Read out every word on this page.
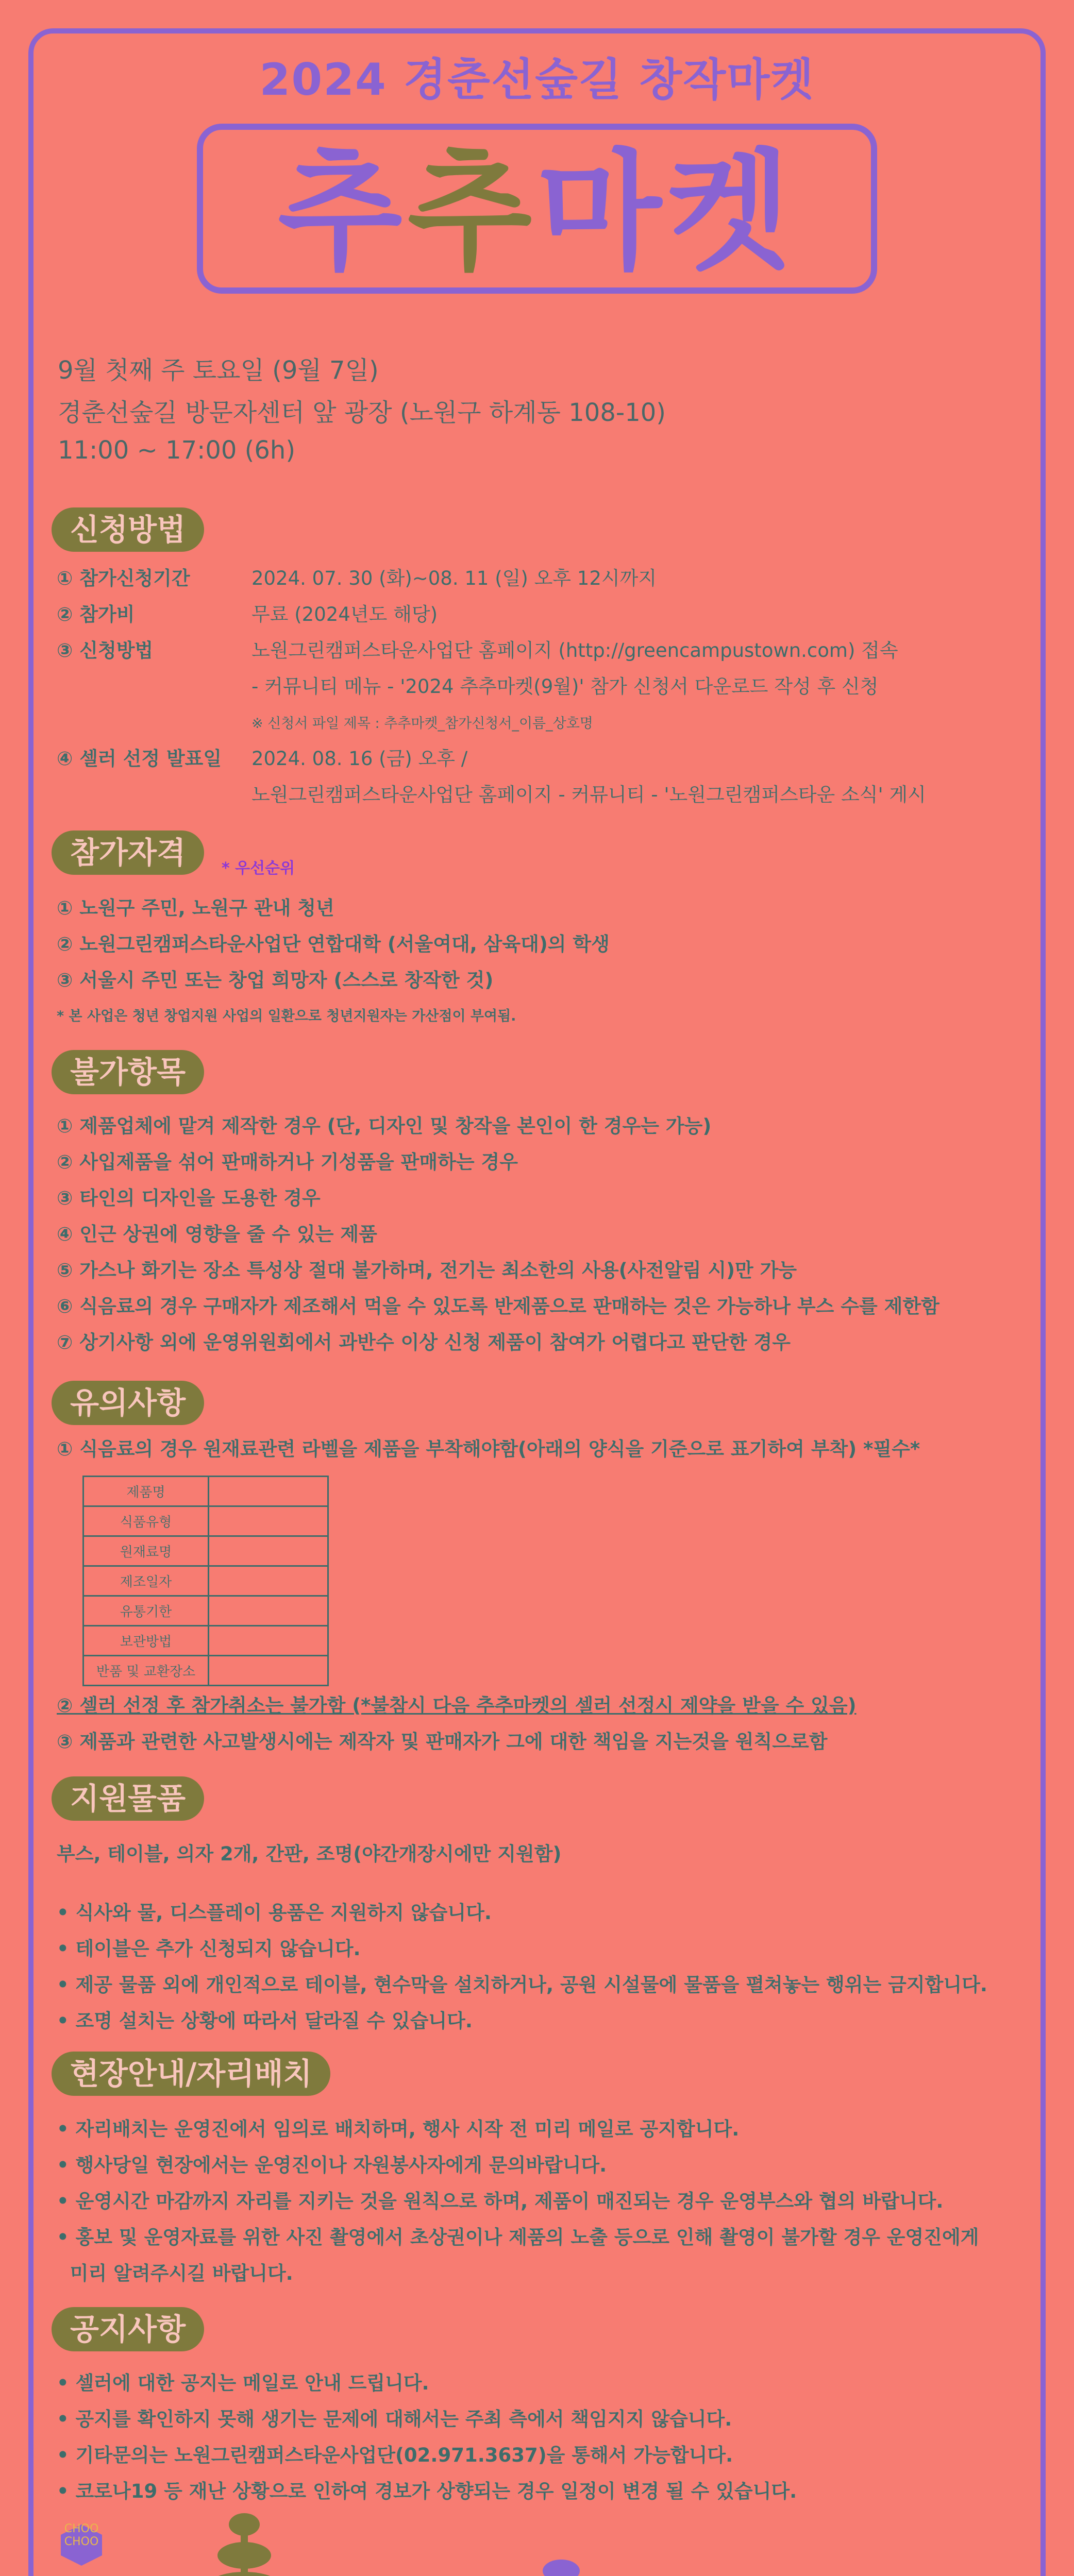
2024 경춘선숲길 창작마켓
추추마켓
9월 첫째 주 토요일 (9월 7일)
경춘선숲길 방문자센터 앞 광장 (노원구 하계동 108-10)
11:00 ~ 17:00 (6h)
신청방법
① 참가신청기간	2024. 07. 30 (화)~08. 11 (일) 오후 12시까지
② 참가비	무료 (2024년도 해당)
③ 신청방법	노원그린캠퍼스타운사업단 홈페이지 (http://greencampustown.com) 접속
- 커뮤니티 메뉴 - '2024 추추마켓(9월)' 참가 신청서 다운로드 작성 후 신청
※ 신청서 파일 제목 : 추추마켓_참가신청서_이름_상호명
④ 셀러 선정 발표일 2024. 08. 16 (금) 오후 /
노원그린캠퍼스타운사업단 홈페이지 - 커뮤니티 - '노원그린캠퍼스타운 소식' 게시
참가자격	* 우선순위
① 노원구 주민, 노원구 관내 청년
② 노원그린캠퍼스타운사업단 연합대학 (서울여대, 삼육대)의 학생
③ 서울시 주민 또는 창업 희망자 (스스로 창작한 것)
* 본 사업은 청년 창업지원 사업의 일환으로 청년지원자는 가산점이 부여됨.
불가항목
① 제품업체에 맡겨 제작한 경우 (단, 디자인 및 창작을 본인이 한 경우는 가능)
② 사입제품을 섞어 판매하거나 기성품을 판매하는 경우
③ 타인의 디자인을 도용한 경우
④ 인근 상권에 영향을 줄 수 있는 제품
⑤ 가스나 화기는 장소 특성상 절대 불가하며, 전기는 최소한의 사용(사전알림 시)만 가능
⑥ 식음료의 경우 구매자가 제조해서 먹을 수 있도록 반제품으로 판매하는 것은 가능하나 부스 수를 제한함
⑦ 상기사항 외에 운영위원회에서 과반수 이상 신청 제품이 참여가 어렵다고 판단한 경우
유의사항
① 식음료의 경우 원재료관련 라벨을 제품을 부착해야함(아래의 양식을 기준으로 표기하여 부착) *필수*
제품명	
식품유형	
원재료명	
제조일자	
유통기한	
보관방법	
반품 및 교환장소	
② 셀러 선정 후 참가취소는 불가함 (*불참시 다음 추추마켓의 셀러 선정시 제약을 받을 수 있음)
③ 제품과 관련한 사고발생시에는 제작자 및 판매자가 그에 대한 책임을 지는것을 원칙으로함
지원물품
부스, 테이블, 의자 2개, 간판, 조명(야간개장시에만 지원함)
• 식사와 물, 디스플레이 용품은 지원하지 않습니다.
• 테이블은 추가 신청되지 않습니다.
• 제공 물품 외에 개인적으로 테이블, 현수막을 설치하거나, 공원 시설물에 물품을 펼쳐놓는 행위는 금지합니다.
• 조명 설치는 상황에 따라서 달라질 수 있습니다.
현장안내/자리배치
• 자리배치는 운영진에서 임의로 배치하며, 행사 시작 전 미리 메일로 공지합니다.
• 행사당일 현장에서는 운영진이나 자원봉사자에게 문의바랍니다.
• 운영시간 마감까지 자리를 지키는 것을 원칙으로 하며, 제품이 매진되는 경우 운영부스와 협의 바랍니다.
• 홍보 및 운영자료를 위한 사진 촬영에서 초상권이나 제품의 노출 등으로 인해 촬영이 불가할 경우 운영진에게
미리 알려주시길 바랍니다.
공지사항
• 셀러에 대한 공지는 메일로 안내 드립니다.
• 공지를 확인하지 못해 생기는 문제에 대해서는 주최 측에서 책임지지 않습니다.
• 기타문의는 노원그린캠퍼스타운사업단(02.971.3637)을 통해서 가능합니다.
• 코로나19 등 재난 상황으로 인하여 경보가 상향되는 경우 일정이 변경 될 수 있습니다.
CHOO
CHOO
